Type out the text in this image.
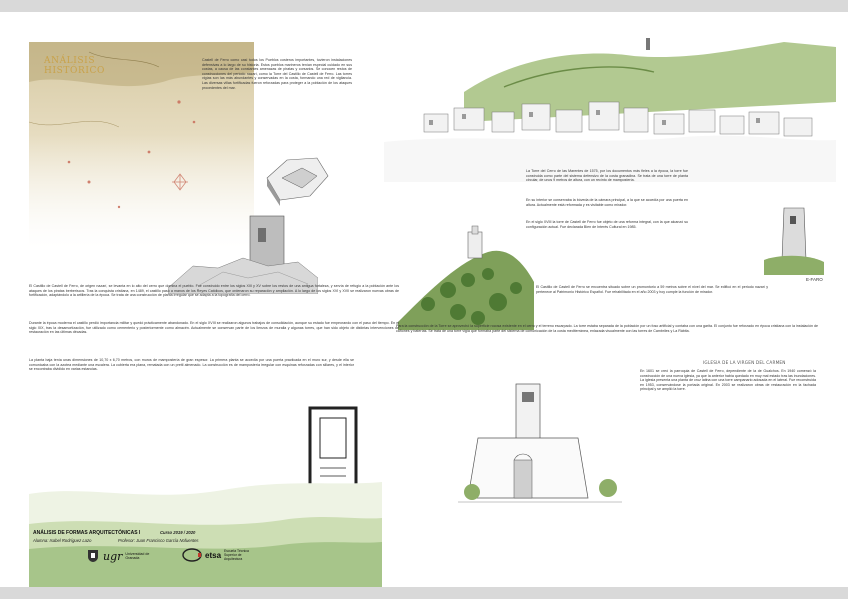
ANÁLISIS
HISTÓRICO
Castell de Ferro como casi todos los Pueblos costeros importantes, tuvieron instalaciones defensivas a lo largo de su historia. Estos pueblos marineros tenían especial cuidado en sus costas, a causa de las constantes amenazas de piratas y corsarios. Se conocen restos de construcciones del periodo nazarí, como la Torre del Castillo de Castell de Ferro. Las torres vigías son las más abundantes y conservadas en la costa, formando una red de vigilancia. Las diversas villas fortificadas fueron reforzadas para proteger a la población de los ataques procedentes del mar.
La Torre del Cerro de las Marentes de 1575, por los documentos más fieles a la época, la torre fue construida como parte del sistema defensivo de la costa granadina. Se trata de una torre de planta circular, de unos 9 metros de altura, con un recinto de mampostería.
En su interior se conservaba la bóveda de la cámara principal, a la que se accedía por una puerta en altura. Actualmente está reformada y es visitable como mirador.
En el siglo XVIII la torre de Castell de Ferro fue objeto de una reforma integral, con la que alcanzó su configuración actual. Fue declarada Bien de Interés Cultural en 1985.
E-FARO
El Castillo de Castell de Ferro se encuentra situado sobre un promontorio a 59 metros sobre el nivel del mar. Se edificó en el periodo nazarí y pertenece al Patrimonio Histórico Español. Fue rehabilitado en el año 2003 y hoy cumple la función de mirador.
El Castillo de Castell de Ferro, de origen nazarí, se levanta en lo alto del cerro que domina el pueblo. Fue construido entre los siglos XIII y XV sobre los restos de una antigua fortaleza, y servía de refugio a la población ante los ataques de los piratas berberiscos. Tras la conquista cristiana, en 1489, el castillo pasó a manos de los Reyes Católicos, que ordenaron su reparación y ampliación. A lo largo de los siglos XVI y XVII se realizaron nuevas obras de fortificación, adaptándolo a la artillería de la época. Se trata de una construcción de planta irregular que se adapta a la topografía del cerro.
Durante la época moderna el castillo perdió importancia militar y quedó prácticamente abandonado. En el siglo XVIII se realizaron algunos trabajos de consolidación, aunque su estado fue empeorando con el paso del tiempo. En el siglo XIX, tras la desamortización, fue utilizado como cementerio y posteriormente como almacén. Actualmente se conservan parte de los lienzos de muralla y algunas torres, que han sido objeto de distintas intervenciones de restauración en las últimas décadas.
La planta baja tenía unas dimensiones de 10,70 x 6,70 metros, con muros de mampostería de gran espesor. La primera planta se accedía por una puerta practicada en el muro sur, y desde ella se comunicaba con la azotea mediante una escalera. La cubierta era plana, rematada con un pretil almenado. La construcción es de mampostería irregular con esquinas reforzadas con sillares, y el interior se encontraba dividido en varias estancias.
Para la construcción de la Torre se aprovechó la superficie rocosa existente en el cerro y el terreno escarpado. La torre estaba separada de la población por un foso artificial y contaba con una garita. El conjunto fue reforzado en época cristiana con la instalación de cañones y baterías. Se trata de una torre vigía que formaba parte del sistema de comunicación de la costa mediterránea, enlazada visualmente con las torres de Cambriles y La Rábita.
IGLESIA DE LA VIRGEN DEL CARMEN
En 1601 se creó la parroquia de Castell de Ferro, dependiente de la de Gualchos. En 1940 comenzó la construcción de una nueva iglesia, ya que la anterior había quedado en muy mal estado tras las inundaciones. La iglesia presenta una planta de cruz latina con una torre campanario adosada en el lateral. Fue reconstruida en 1953, conservándose la portada original. En 2003 se realizaron obras de restauración en la fachada principal y se amplió la torre.
ANÁLISIS DE FORMAS ARQUITECTÓNICAS I	Curso 2019 / 2020
Alumna: Isabel Rodríguez Lazo	Profesor: Juan Francisco García Nofuentes
ugr Universidad de Granada	etsa Escuela Técnica Superior de Arquitectura
